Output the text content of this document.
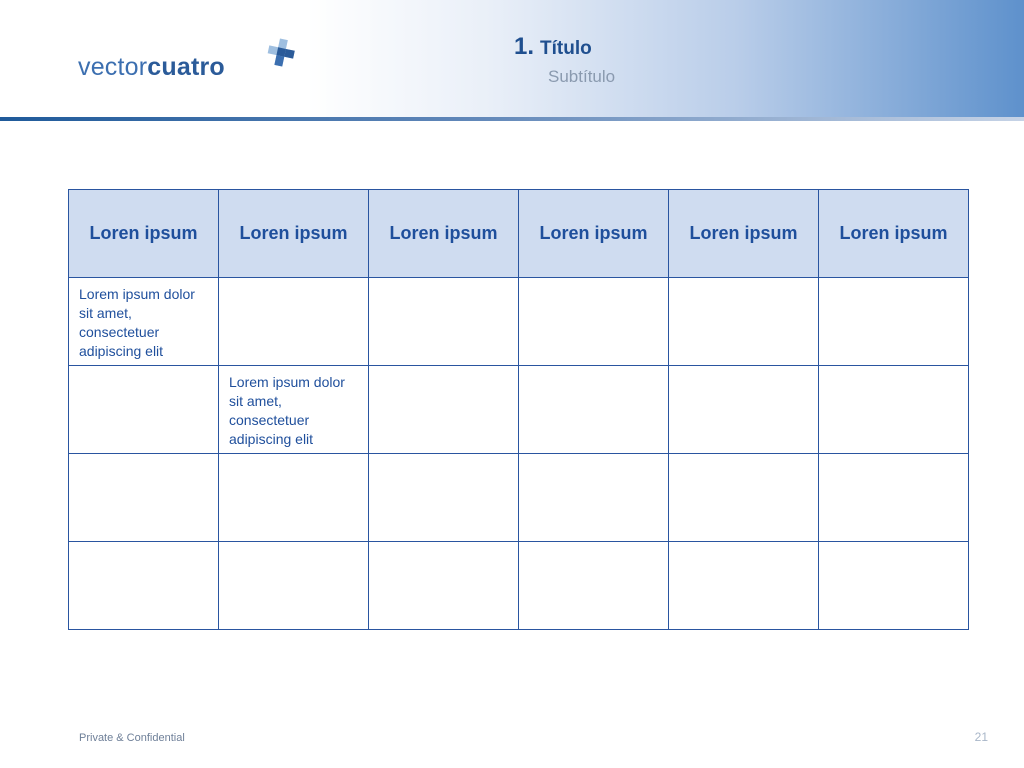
vectorcuatro
1. Título
Subtítulo
Loren ipsum	Loren ipsum	Loren ipsum	Loren ipsum	Loren ipsum	Loren ipsum

Lorem ipsum dolor sit amet, consectetuer adipiscing elit					

	Lorem ipsum dolor sit amet, consectetuer adipiscing elit				

Private & Confidential	21
